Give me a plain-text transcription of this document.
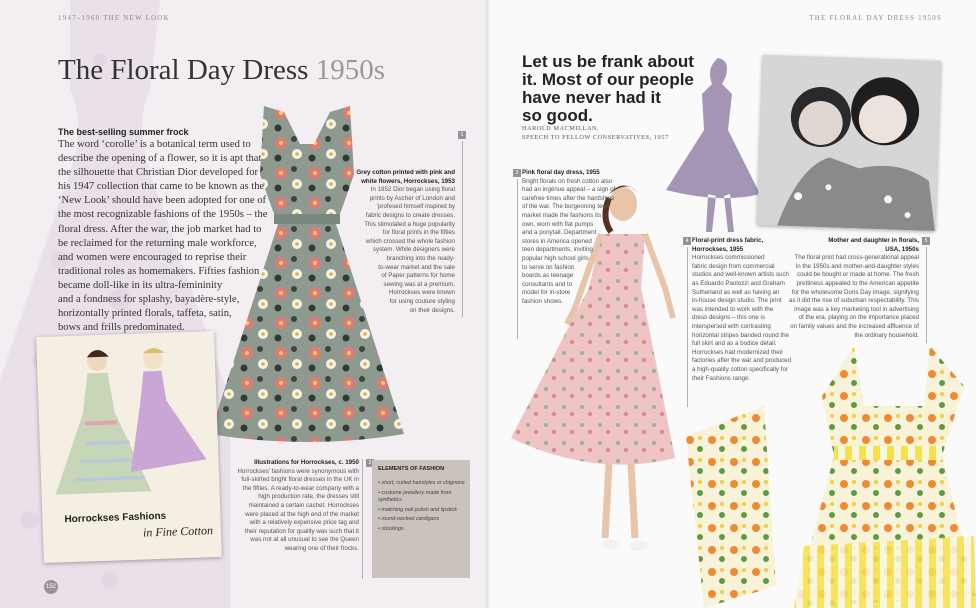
1947–1960 THE NEW LOOK
The Floral Day Dress 1950s
The best-selling summer frock
The word ‘corolle’ is a botanical term used to
describe the opening of a flower, so it is apt that
the silhouette that Christian Dior developed for
his 1947 collection that came to be known as the
‘New Look’ should have been adopted for one of
the most recognizable fashions of the 1950s – the
floral dress. After the war, the job market had to
be reclaimed for the returning male workforce,
and women were encouraged to reprise their
traditional roles as homemakers. Fifties fashion
became doll-like in its ultra-femininity
and a fondness for splashy, bayadère-style,
horizontally printed florals, taffeta, satin,
bows and frills predominated.
1
Grey cotton printed with pink and
white flowers, Horrockses, 1953
In 1952 Dior began using floral
prints by Ascher of London and
‘profesed himself inspired by
fabric designs to create dresses.
This stimulated a huge popularity
for floral prints in the fifties
which crossed the whole fashion
system. While designers were
branching into the ready-
to-wear market and the sale
of Paper patterns for home
sewing was at a premium,
Horrockses were known
for using couture styling
on their designs.
Horrockses Fashions
in Fine Cotton
2
Illustrations for Horrockses, c. 1950
Horrockses' fashions were synonymous with
full-skirted bright floral dresses in the UK in
the fifties. A ready-to-wear company with a
high production rate, the dresses still
maintained a certain cachet. Horrockses
were placed at the high end of the market
with a relatively expensive price tag and
their reputation for quality was such that it
was not at all unusual to see the Queen
wearing one of their frocks.
ELEMENTS OF FASHION
• short, curled hairstyles or chignons
• costume jewellery made from synthetics
• matching nail polish and lipstick
• round-necked cardigans
• stockings
152
THE FLORAL DAY DRESS 1950S
Let us be frank about
it. Most of our people
have never had it
so good.
HAROLD MACMILLAN,
SPEECH TO FELLOW CONSERVATIVES, 1957
3 Pink floral day dress, 1955
Bright florals on fresh cotton also
had an ingénue appeal – a sign of
carefree times after the hardships
of the war. The burgeoning teen
market made the fashions its
own, worn with flat pumps
and a ponytail. Department
stores in America opened
teen departments, inviting
popular high school girls
to serve on fashion
boards as teenage
consultants and to
model for in-store
fashion shows.
4 Floral-print dress fabric,
Horrockses, 1955
Horrockses commissioned
fabric design from commercial
studios and well-known artists such
as Eduardo Paolozzi and Graham
Sutherland as well as having an
in-house design studio. The print
was intended to work with the
dress designs – this one is
interspersed with contrasting
horizontal stripes banded round the
full skirt and as a bodice detail.
Horrockses had modernized their
factories after the war and produced
a high-quality cotton specifically for
their Fashions range.
5
Mother and daughter in florals,
USA, 1950s
The floral print had cross-generational appeal
in the 1950s and mother-and-daughter styles
could be bought or made at home. The fresh
prettiness appealed to the American appetite
for the wholesome Doris Day image, signifying
as it did the rise of suburban respectability. This
image was a key marketing tool in advertising
of the era, playing on the importance placed
on family values and the increased affluence of
the ordinary household.
